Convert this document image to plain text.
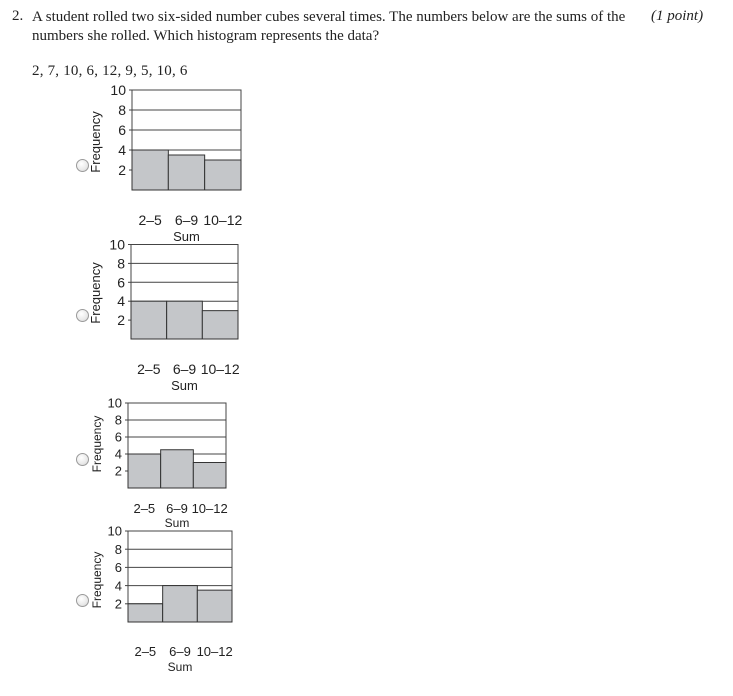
2. A student rolled two six-sided number cubes several times. The numbers below are the sums of the numbers she rolled. Which histogram represents the data?
(1 point)
2, 7, 10, 6, 12, 9, 5, 10, 6
2
4
6
8
10
2–5 6–9 10–12
Sum
Frequency
2
4
6
8
10
2–5 6–9 10–12
Sum
Frequency
2
4
6
8
10
2–5 6–9 10–12
Sum
Frequency
2
4
6
8
10
2–5 6–9 10–12
Sum
Frequency
